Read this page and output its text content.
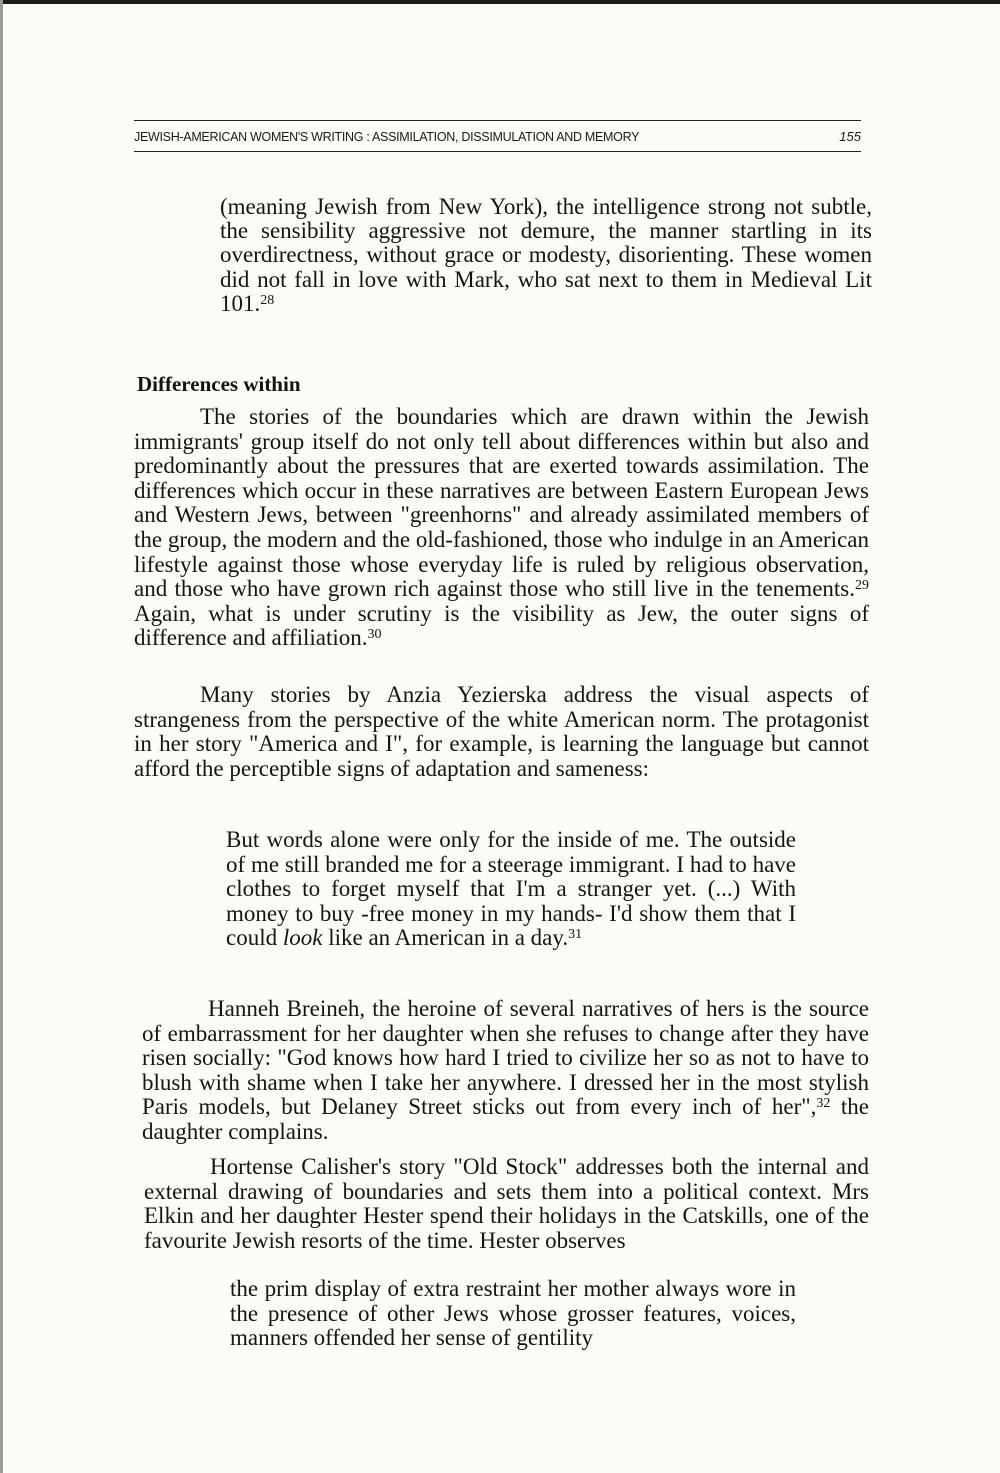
JEWISH-AMERICAN WOMEN'S WRITING : ASSIMILATION, DISSIMULATION AND MEMORY	155

(meaning Jewish from New York), the intelligence strong not subtle, the sensibility aggressive not demure, the manner startling in its overdirectness, without grace or modesty, disorienting. These women did not fall in love with Mark, who sat next to them in Medieval Lit 101.28

Differences within

The stories of the boundaries which are drawn within the Jewish immigrants' group itself do not only tell about differences within but also and predominantly about the pressures that are exerted towards assimilation. The differences which occur in these narratives are between Eastern European Jews and Western Jews, between "greenhorns" and already assimilated members of the group, the modern and the old-fashioned, those who indulge in an American lifestyle against those whose everyday life is ruled by religious observation, and those who have grown rich against those who still live in the tenements.$^{29}$ Again, what is under scrutiny is the visibility as Jew, the outer signs of difference and affiliation.$^{30}$

Many stories by Anzia Yezierska address the visual aspects of strangeness from the perspective of the white American norm. The protagonist in her story "America and I", for example, is learning the language but cannot afford the perceptible signs of adaptation and sameness:

But words alone were only for the inside of me. The outside of me still branded me for a steerage immigrant. I had to have clothes to forget myself that I'm a stranger yet. (...) With money to buy -free money in my hands- I'd show them that I could look like an American in a day.$^{31}$

Hanneh Breineh, the heroine of several narratives of hers is the source of embarrassment for her daughter when she refuses to change after they have risen socially: "God knows how hard I tried to civilize her so as not to have to blush with shame when I take her anywhere. I dressed her in the most stylish Paris models, but Delaney Street sticks out from every inch of her",$^{32}$ the daughter complains.

Hortense Calisher's story "Old Stock" addresses both the internal and external drawing of boundaries and sets them into a political context. Mrs Elkin and her daughter Hester spend their holidays in the Catskills, one of the favourite Jewish resorts of the time. Hester observes

the prim display of extra restraint her mother always wore in the presence of other Jews whose grosser features, voices, manners offended her sense of gentility
